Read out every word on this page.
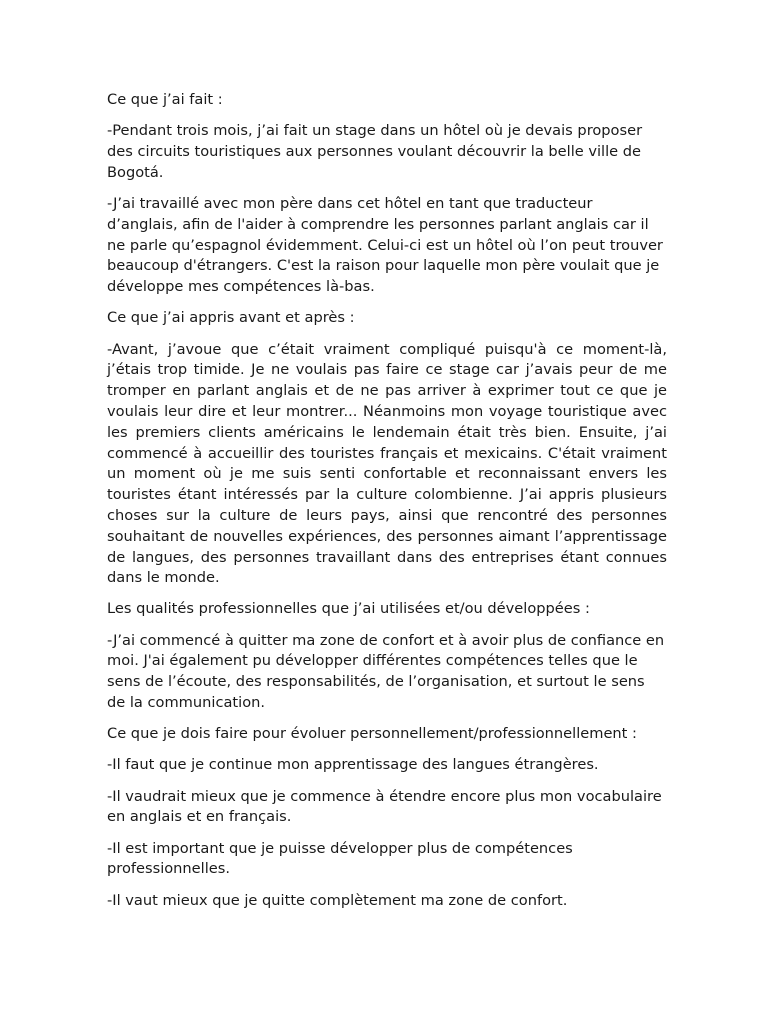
Ce que j’ai fait :

-Pendant trois mois, j’ai fait un stage dans un hôtel où je devais proposer des circuits touristiques aux personnes voulant découvrir la belle ville de Bogotá.

-J’ai travaillé avec mon père dans cet hôtel en tant que traducteur d’anglais, afin de l'aider à comprendre les personnes parlant anglais car il ne parle qu’espagnol évidemment. Celui-ci est un hôtel où l’on peut trouver beaucoup d'étrangers. C'est la raison pour laquelle mon père voulait que je développe mes compétences là-bas.

Ce que j’ai appris avant et après :

-Avant, j’avoue que c’était vraiment compliqué puisqu'à ce moment-là, j’étais trop timide. Je ne voulais pas faire ce stage car j’avais peur de me tromper en parlant anglais et de ne pas arriver à exprimer tout ce que je voulais leur dire et leur montrer... Néanmoins mon voyage touristique avec les premiers clients américains le lendemain était très bien. Ensuite, j’ai commencé à accueillir des touristes français et mexicains. C'était vraiment un moment où je me suis senti confortable et reconnaissant envers les touristes étant intéressés par la culture colombienne. J’ai appris plusieurs choses sur la culture de leurs pays, ainsi que rencontré des personnes souhaitant de nouvelles expériences, des personnes aimant l’apprentissage de langues, des personnes travaillant dans des entreprises étant connues dans le monde.

Les qualités professionnelles que j’ai utilisées et/ou développées :

-J’ai commencé à quitter ma zone de confort et à avoir plus de confiance en moi. J'ai également pu développer différentes compétences telles que le sens de l’écoute, des responsabilités, de l’organisation, et surtout le sens de la communication.

Ce que je dois faire pour évoluer personnellement/professionnellement :

-Il faut que je continue mon apprentissage des langues étrangères.

-Il vaudrait mieux que je commence à étendre encore plus mon vocabulaire en anglais et en français.

-Il est important que je puisse développer plus de compétences professionnelles.

-Il vaut mieux que je quitte complètement ma zone de confort.
